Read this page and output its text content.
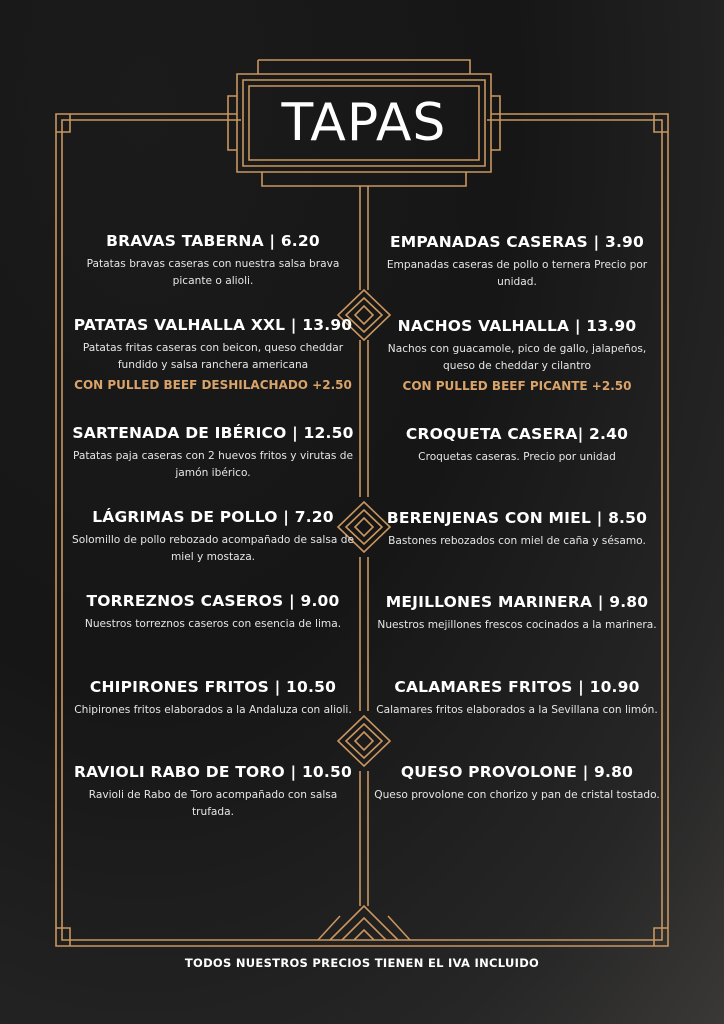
TAPAS
BRAVAS TABERNA | 6.20
Patatas bravas caseras con nuestra salsa brava picante o alioli.
PATATAS VALHALLA XXL | 13.90
Patatas fritas caseras con beicon, queso cheddar fundido y salsa ranchera americana
CON PULLED BEEF DESHILACHADO +2.50
SARTENADA DE IBÉRICO | 12.50
Patatas paja caseras con 2 huevos fritos y virutas de jamón ibérico.
LÁGRIMAS DE POLLO | 7.20
Solomillo de pollo rebozado acompañado de salsa de miel y mostaza.
TORREZNOS CASEROS | 9.00
Nuestros torreznos caseros con esencia de lima.
CHIPIRONES FRITOS | 10.50
Chipirones fritos elaborados a la Andaluza con alioli.
RAVIOLI RABO DE TORO | 10.50
Ravioli de Rabo de Toro acompañado con salsa trufada.
EMPANADAS CASERAS | 3.90
Empanadas caseras de pollo o ternera Precio por unidad.
NACHOS VALHALLA | 13.90
Nachos con guacamole, pico de gallo, jalapeños, queso de cheddar y cilantro
CON PULLED BEEF PICANTE +2.50
CROQUETA CASERA| 2.40
Croquetas caseras. Precio por unidad
BERENJENAS CON MIEL | 8.50
Bastones rebozados con miel de caña y sésamo.
MEJILLONES MARINERA | 9.80
Nuestros mejillones frescos cocinados a la marinera.
CALAMARES FRITOS | 10.90
Calamares fritos elaborados a la Sevillana con limón.
QUESO PROVOLONE | 9.80
Queso provolone con chorizo y pan de cristal tostado.
TODOS NUESTROS PRECIOS TIENEN EL IVA INCLUIDO
